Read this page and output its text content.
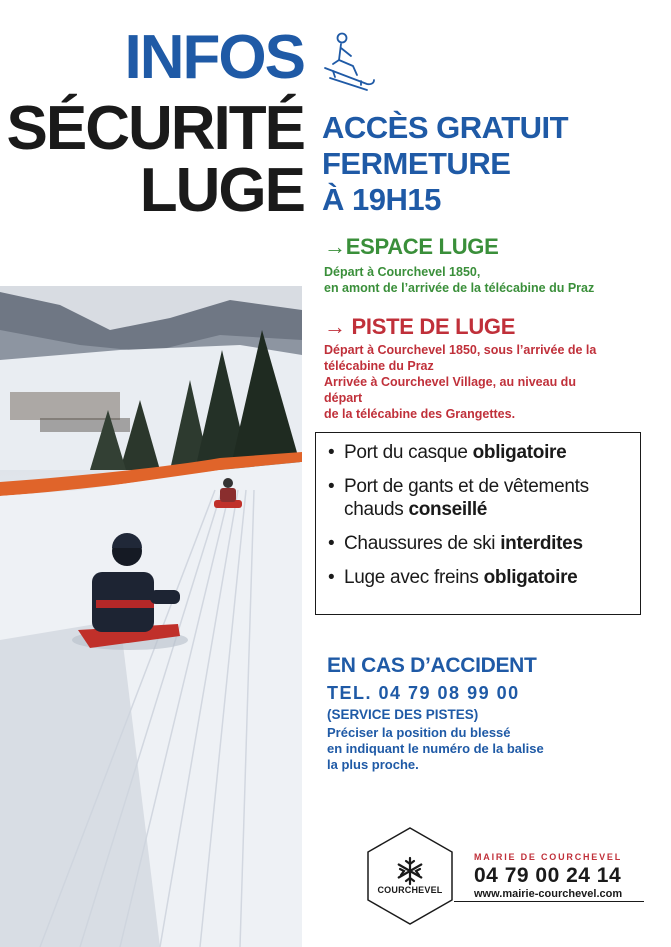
INFOS
SÉCURITÉ
LUGE
ACCÈS GRATUIT
FERMETURE
À 19H15
→ESPACE LUGE
Départ à Courchevel 1850,
en amont de l’arrivée de la télécabine du Praz
→ PISTE DE LUGE
Départ à Courchevel 1850, sous l’arrivée de la
télécabine du Praz
Arrivée à Courchevel Village, au niveau du départ
de la télécabine des Grangettes.
• Port du casque obligatoire
• Port de gants et de vêtements chauds conseillé
• Chaussures de ski interdites
• Luge avec freins obligatoire
EN CAS D’ACCIDENT
TEL. 04 79 08 99 00
(SERVICE DES PISTES)
Préciser la position du blessé
en indiquant le numéro de la balise
la plus proche.
COURCHEVEL
MAIRIE DE COURCHEVEL
04 79 00 24 14
www.mairie-courchevel.com
